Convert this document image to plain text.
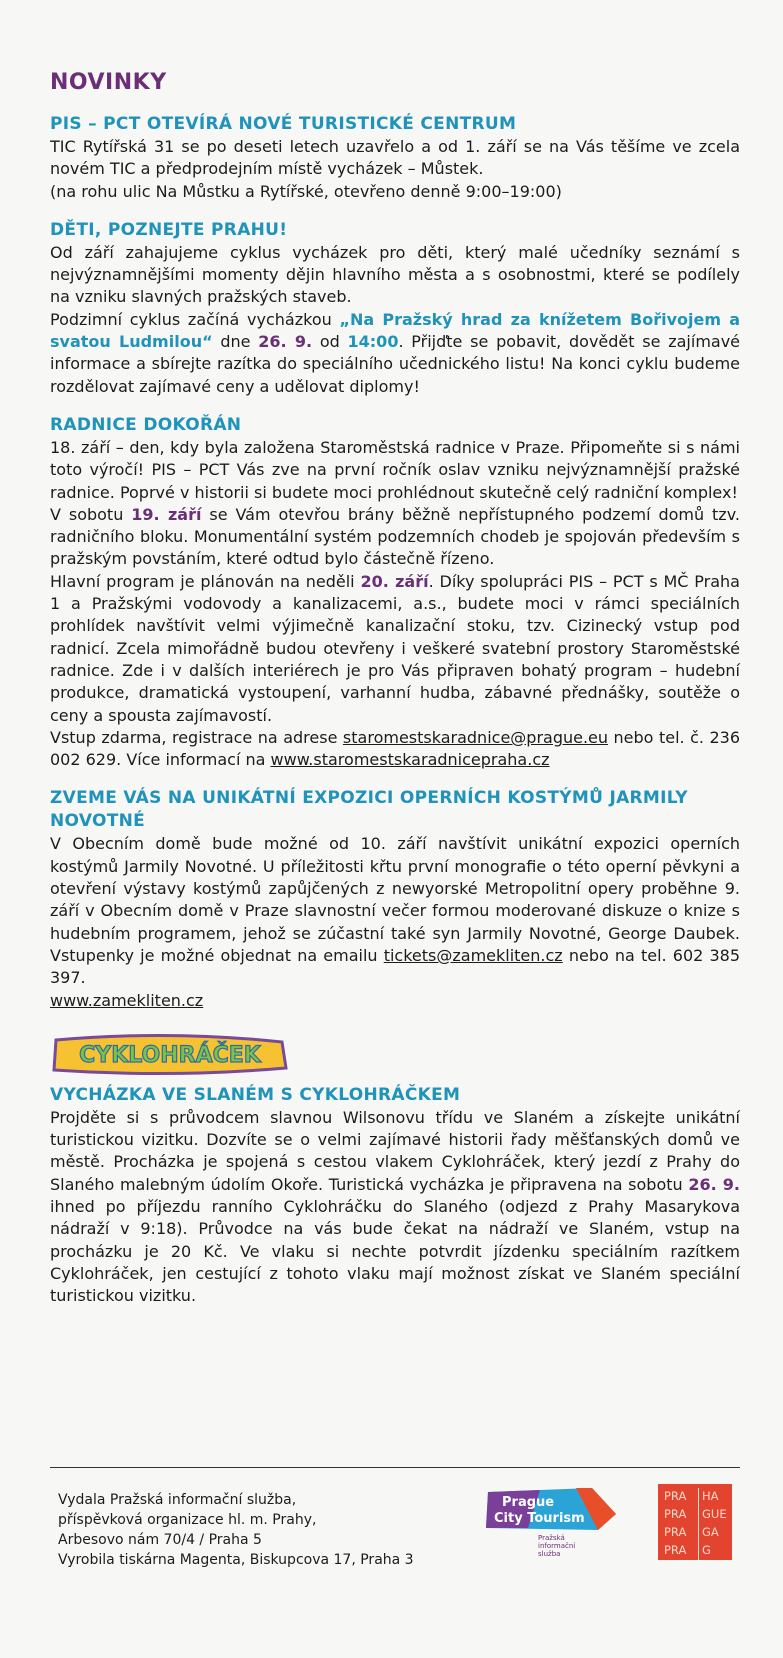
NOVINKY
PIS – PCT OTEVÍRÁ NOVÉ TURISTICKÉ CENTRUM

TIC Rytířská 31 se po deseti letech uzavřelo a od 1. září se na Vás těšíme ve zcela novém TIC a předprodejním místě vycházek – Můstek.
(na rohu ulic Na Můstku a Rytířské, otevřeno denně 9:00–19:00)

DĚTI, POZNEJTE PRAHU!

Od září zahajujeme cyklus vycházek pro děti, který malé učedníky seznámí s nejvýznamnějšími momenty dějin hlavního města a s osobnostmi, které se podílely na vzniku slavných pražských staveb.

Podzimní cyklus začíná vycházkou „Na Pražský hrad za knížetem Bořivojem a svatou Ludmilou“ dne 26. 9. od 14:00. Přijďte se pobavit, dovědět se zajímavé informace a sbírejte razítka do speciálního učednického listu! Na konci cyklu budeme rozdělovat zajímavé ceny a udělovat diplomy!

RADNICE DOKOŘÁN

18. září – den, kdy byla založena Staroměstská radnice v Praze. Připomeňte si s námi toto výročí! PIS – PCT Vás zve na první ročník oslav vzniku nejvýznamnější pražské radnice. Poprvé v historii si budete moci prohlédnout skutečně celý radniční komplex!

V sobotu 19. září se Vám otevřou brány běžně nepřístupného podzemí domů tzv. radničního bloku. Monumentální systém podzemních chodeb je spojován především s pražským povstáním, které odtud bylo částečně řízeno.

Hlavní program je plánován na neděli 20. září. Díky spolupráci PIS – PCT s MČ Praha 1 a Pražskými vodovody a kanalizacemi, a.s., budete moci v rámci speciálních prohlídek navštívit velmi výjimečně kanalizační stoku, tzv. Cizinecký vstup pod radnicí. Zcela mimořádně budou otevřeny i veškeré svatební prostory Staroměstské radnice. Zde i v dalších interiérech je pro Vás připraven bohatý program – hudební produkce, dramatická vystoupení, varhanní hudba, zábavné přednášky, soutěže o ceny a spousta zajímavostí.

Vstup zdarma, registrace na adrese staromestskaradnice@prague.eu nebo tel. č. 236 002 629. Více informací na www.staromestskaradnicepraha.cz

ZVEME VÁS NA UNIKÁTNÍ EXPOZICI OPERNÍCH KOSTÝMŮ JARMILY NOVOTNÉ

V Obecním domě bude možné od 10. září navštívit unikátní expozici operních kostýmů Jarmily Novotné. U příležitosti křtu první monografie o této operní pěvkyni a otevření výstavy kostýmů zapůjčených z newyorské Metropolitní opery proběhne 9. září v Obecním domě v Praze slavnostní večer formou moderované diskuze o knize s hudebním programem, jehož se zúčastní také syn Jarmily Novotné, George Daubek. Vstupenky je možné objednat na emailu tickets@zamekliten.cz nebo na tel. 602 385 397.
www.zamekliten.cz

CYKLOHRÁČEK
VYCHÁZKA VE SLANÉM S CYKLOHRÁČKEM

Projděte si s průvodcem slavnou Wilsonovu třídu ve Slaném a získejte unikátní turistickou vizitku. Dozvíte se o velmi zajímavé historii řady měšťanských domů ve městě. Procházka je spojená s cestou vlakem Cyklohráček, který jezdí z Prahy do Slaného malebným údolím Okoře. Turistická vycházka je připravena na sobotu 26. 9. ihned po příjezdu ranního Cyklohráčku do Slaného (odjezd z Prahy Masarykova nádraží v 9:18). Průvodce na vás bude čekat na nádraží ve Slaném, vstup na procházku je 20 Kč. Ve vlaku si nechte potvrdit jízdenku speciálním razítkem Cyklohráček, jen cestující z tohoto vlaku mají možnost získat ve Slaném speciální turistickou vizitku.

Vydala Pražská informační služba,
příspěvková organizace hl. m. Prahy,
Arbesovo nám 70/4 / Praha 5
Vyrobila tiskárna Magenta, Biskupcova 17, Praha 3
Prague
City Tourism
Pražská
informační
služba
PRA	HA
PRA	GUE
PRA	GA
PRA	G
